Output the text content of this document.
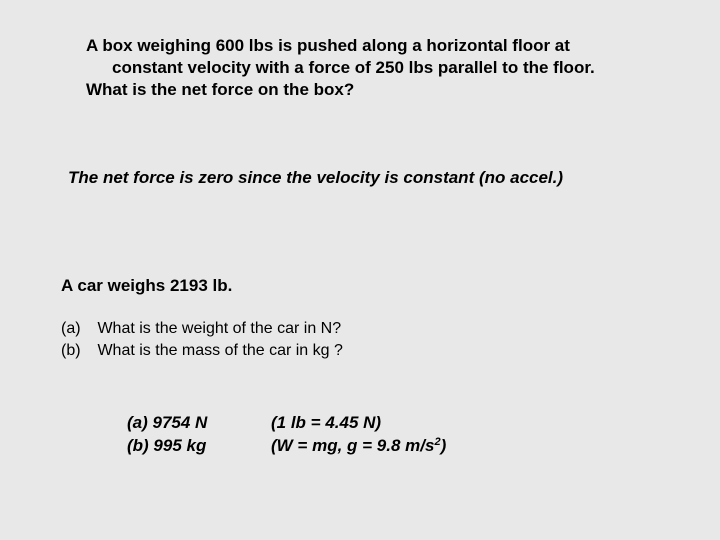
A box weighing 600 lbs is pushed along a horizontal floor at
constant velocity with a force of 250 lbs parallel to the floor.
What is the net force on the box?
The net force is zero since the velocity is constant (no accel.)
A car weighs 2193 lb.
(a) What is the weight of the car in N?
(b) What is the mass of the car in kg ?
(a) 9754 N
(b) 995 kg
(1 lb = 4.45 N)
(W = mg, g = 9.8 $m/s^2$)
